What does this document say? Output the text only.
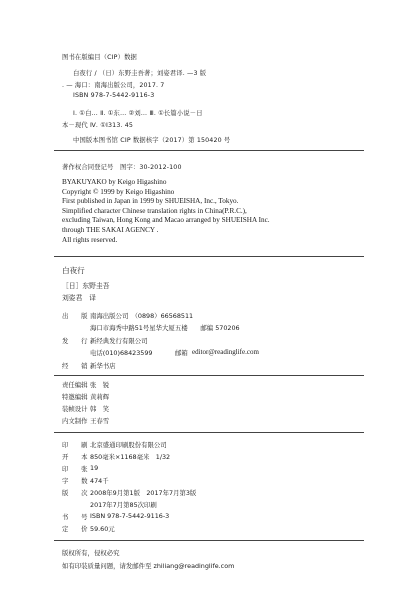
图书在版编目（CIP）数据
白夜行 / （日）东野圭吾著；刘姿君译. —3 版
. — 海口：南海出版公司，2017. 7
ISBN 978-7-5442-9116-3
Ⅰ. ①白… Ⅱ. ①东… ②刘… Ⅲ. ①长篇小说－日
本－现代 Ⅳ. ①I313. 45
中国版本图书馆 CIP 数据核字（2017）第 150420 号
著作权合同登记号　图字：30-2012-100
BYAKUYAKO by Keigo Higashino
Copyright © 1999 by Keigo Higashino
First published in Japan in 1999 by SHUEISHA, Inc., Tokyo.
Simplified character Chinese translation rights in China(P.R.C.),
excluding Taiwan, Hong Kong and Macao arranged by SHUEISHA Inc.
through THE SAKAI AGENCY .
All rights reserved.
白夜行
［日］东野圭吾
刘姿君　译
出　　版 南海出版公司　（0898）66568511
海口市海秀中路51号星华大厦五楼　　邮编 570206
发　　行 新经典发行有限公司
电话(010)68423599	邮箱 editor@readinglife.com
经　　销 新华书店
责任编辑 张　锐
特邀编辑 黄莉辉
装帧设计 韩　笑
内文制作 王春雪
印　　刷 北京盛通印刷股份有限公司
开　　本 850毫米×1168毫米　1/32
印　　张 19
字　　数 474千
版　　次 2008年9月第1版　2017年7月第3版
2017年7月第85次印刷
书　　号 ISBN 978-7-5442-9116-3
定　　价 59.60元
版权所有，侵权必究
如有印装质量问题，请发邮件至 zhiliang@readinglife.com
